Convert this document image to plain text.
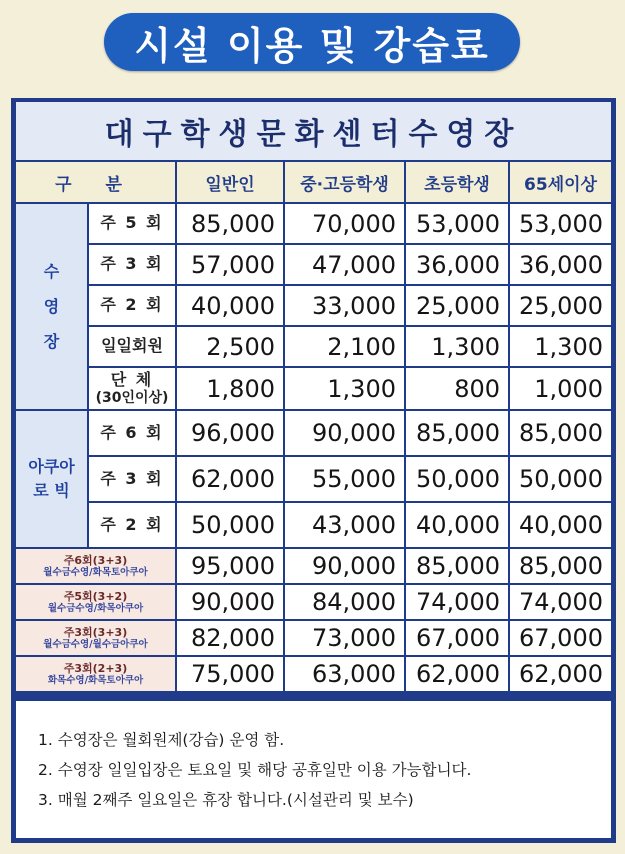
시설 이용 및 강습료
대구학생문화센터수영장
구 분	일반인	중·고등학생	초등학생	65세이상
수
영
장
아쿠아
로 빅
주 5 회	85,000	70,000 53,000 53,000
주 3 회	57,000	47,000 36,000 36,000
주 2 회	40,000	33,000 25,000 25,000
일일회원	2,500	2,100	1,300	1,300
단 체
(30인이상)	1,800	1,300	800	1,000
주 6 회	96,000	90,000 85,000 85,000
주 3 회	62,000	55,000 50,000 50,000
주 2 회	50,000	43,000 40,000 40,000
주6회(3+3)
월수금수영/화목토아쿠아	95,000	90,000 85,000 85,000
주5회(3+2)
월수금수영/화목아쿠아	90,000	84,000 74,000 74,000
주3회(3+3)
월수금수영/월수금아쿠아	82,000	73,000 67,000 67,000
주3회(2+3)
화목수영/화목토아쿠아	75,000	63,000 62,000 62,000
1. 수영장은 월회원제(강습) 운영 함.
2. 수영장 일일입장은 토요일 및 해당 공휴일만 이용 가능합니다.
3. 매월 2째주 일요일은 휴장 합니다.(시설관리 및 보수)
